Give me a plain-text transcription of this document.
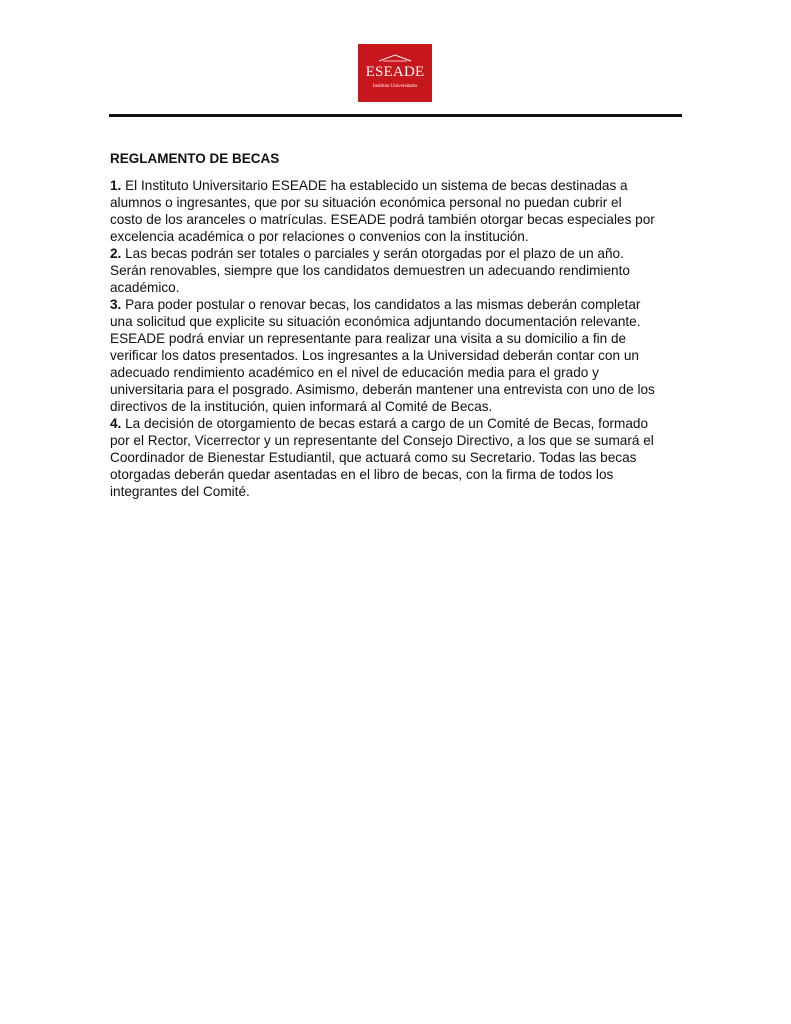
ESEADE
Instituto Universitario
REGLAMENTO DE BECAS
1. El Instituto Universitario ESEADE ha establecido un sistema de becas destinadas a
alumnos o ingresantes, que por su situación económica personal no puedan cubrir el
costo de los aranceles o matrículas. ESEADE podrá también otorgar becas especiales por
excelencia académica o por relaciones o convenios con la institución.
2. Las becas podrán ser totales o parciales y serán otorgadas por el plazo de un año.
Serán renovables, siempre que los candidatos demuestren un adecuando rendimiento
académico.
3. Para poder postular o renovar becas, los candidatos a las mismas deberán completar
una solicitud que explicite su situación económica adjuntando documentación relevante.
ESEADE podrá enviar un representante para realizar una visita a su domicilio a fin de
verificar los datos presentados. Los ingresantes a la Universidad deberán contar con un
adecuado rendimiento académico en el nivel de educación media para el grado y
universitaria para el posgrado. Asimismo, deberán mantener una entrevista con uno de los
directivos de la institución, quien informará al Comité de Becas.
4. La decisión de otorgamiento de becas estará a cargo de un Comité de Becas, formado
por el Rector, Vicerrector y un representante del Consejo Directivo, a los que se sumará el
Coordinador de Bienestar Estudiantil, que actuará como su Secretario. Todas las becas
otorgadas deberán quedar asentadas en el libro de becas, con la firma de todos los
integrantes del Comité.
